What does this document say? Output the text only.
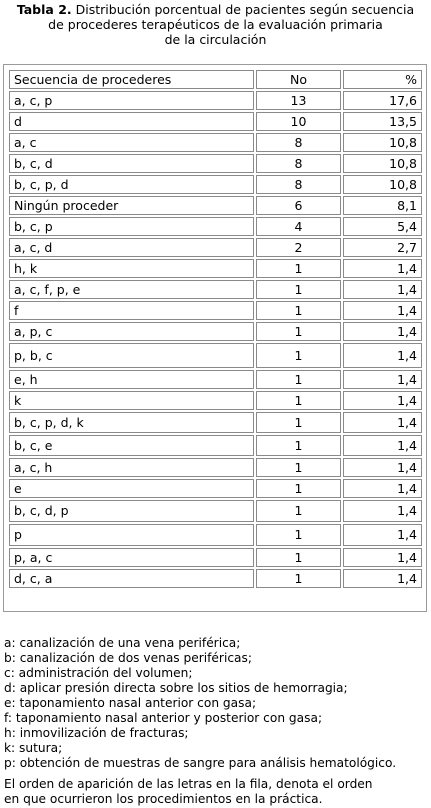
Tabla 2. Distribución porcentual de pacientes según secuencia
de procederes terapéuticos de la evaluación primaria
de la circulación
Secuencia de procederes	No	%
a, c, p	13	17,6
d	10	13,5
a, c	8	10,8
b, c, d	8	10,8
b, c, p, d	8	10,8
Ningún proceder	6	8,1
b, c, p	4	5,4
a, c, d	2	2,7
h, k	1	1,4
a, c, f, p, e	1	1,4
f	1	1,4
a, p, c	1	1,4
p, b, c	1	1,4
e, h	1	1,4
k	1	1,4
b, c, p, d, k	1	1,4
b, c, e	1	1,4
a, c, h	1	1,4
e	1	1,4
b, c, d, p	1	1,4
p	1	1,4
p, a, c	1	1,4
d, c, a	1	1,4
a: canalización de una vena periférica;
b: canalización de dos venas periféricas;
c: administración del volumen;
d: aplicar presión directa sobre los sitios de hemorragia;
e: taponamiento nasal anterior con gasa;
f: taponamiento nasal anterior y posterior con gasa;
h: inmovilización de fracturas;
k: sutura;
p: obtención de muestras de sangre para análisis hematológico.
El orden de aparición de las letras en la fila, denota el orden
en que ocurrieron los procedimientos en la práctica.
